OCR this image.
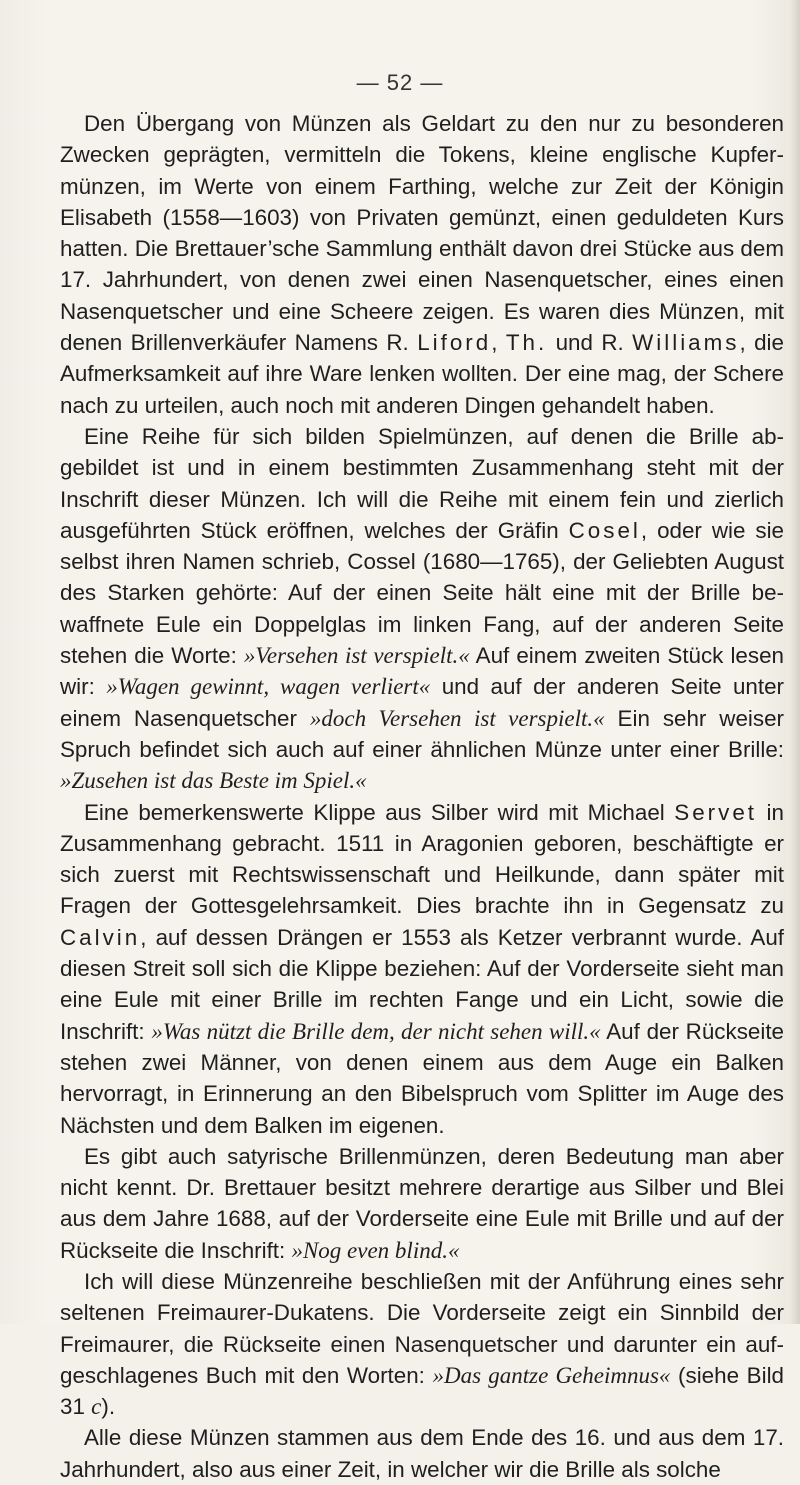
— 52 —

Den Übergang von Münzen als Geldart zu den nur zu besonderen Zwecken geprägten, vermitteln die Tokens, kleine englische Kupfermünzen, im Werte von einem Farthing, welche zur Zeit der Königin Elisabeth (1558—1603) von Privaten gemünzt, einen geduldeten Kurs hatten. Die Brettauer’sche Sammlung enthält davon drei Stücke aus dem 17. Jahrhundert, von denen zwei einen Nasenquetscher, eines einen Nasenquetscher und eine Scheere zeigen. Es waren dies Münzen, mit denen Brillenverkäufer Namens R. Liford, Th. und R. Williams, die Aufmerksamkeit auf ihre Ware lenken wollten. Der eine mag, der Schere nach zu urteilen, auch noch mit anderen Dingen gehandelt haben.

Eine Reihe für sich bilden Spielmünzen, auf denen die Brille abgebildet ist und in einem bestimmten Zusammenhang steht mit der Inschrift dieser Münzen. Ich will die Reihe mit einem fein und zierlich ausgeführten Stück eröffnen, welches der Gräfin Cosel, oder wie sie selbst ihren Namen schrieb, Cossel (1680—1765), der Geliebten August des Starken gehörte: Auf der einen Seite hält eine mit der Brille bewaffnete Eule ein Doppelglas im linken Fang, auf der anderen Seite stehen die Worte: »Versehen ist verspielt.« Auf einem zweiten Stück lesen wir: »Wagen gewinnt, wagen verliert« und auf der anderen Seite unter einem Nasenquetscher »doch Versehen ist verspielt.« Ein sehr weiser Spruch befindet sich auch auf einer ähnlichen Münze unter einer Brille: »Zusehen ist das Beste im Spiel.«

Eine bemerkenswerte Klippe aus Silber wird mit Michael Servet in Zusammenhang gebracht. 1511 in Aragonien geboren, beschäftigte er sich zuerst mit Rechtswissenschaft und Heilkunde, dann später mit Fragen der Gottesgelehrsamkeit. Dies brachte ihn in Gegensatz zu Calvin, auf dessen Drängen er 1553 als Ketzer verbrannt wurde. Auf diesen Streit soll sich die Klippe beziehen: Auf der Vorderseite sieht man eine Eule mit einer Brille im rechten Fange und ein Licht, sowie die Inschrift: »Was nützt die Brille dem, der nicht sehen will.« Auf der Rückseite stehen zwei Männer, von denen einem aus dem Auge ein Balken hervorragt, in Erinnerung an den Bibelspruch vom Splitter im Auge des Nächsten und dem Balken im eigenen.

Es gibt auch satyrische Brillenmünzen, deren Bedeutung man aber nicht kennt. Dr. Brettauer besitzt mehrere derartige aus Silber und Blei aus dem Jahre 1688, auf der Vorderseite eine Eule mit Brille und auf der Rückseite die Inschrift: »Nog even blind.«

Ich will diese Münzenreihe beschließen mit der Anführung eines sehr seltenen Freimaurer-Dukatens. Die Vorderseite zeigt ein Sinnbild der Freimaurer, die Rückseite einen Nasenquetscher und darunter ein aufgeschlagenes Buch mit den Worten: »Das gantze Geheimnus« (siehe Bild 31 c).

Alle diese Münzen stammen aus dem Ende des 16. und aus dem 17. Jahrhundert, also aus einer Zeit, in welcher wir die Brille als solche
